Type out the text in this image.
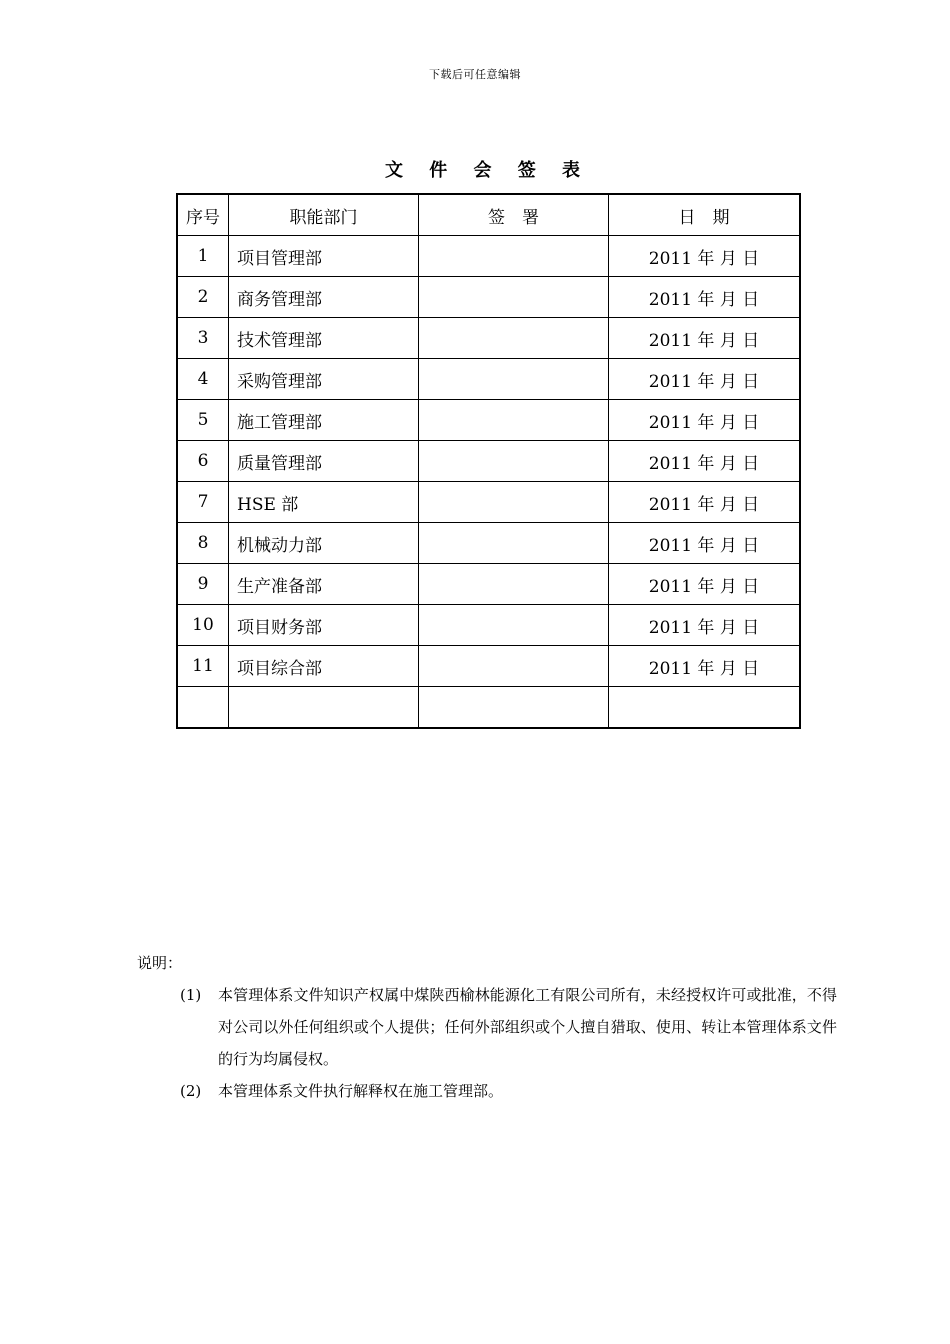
下载后可任意编辑
文 件 会 签 表
序号	职能部门	签　署	日　期
1	项目管理部		2011 年 月 日
2	商务管理部		2011 年 月 日
3	技术管理部		2011 年 月 日
4	采购管理部		2011 年 月 日
5	施工管理部		2011 年 月 日
6	质量管理部		2011 年 月 日
7	HSE 部		2011 年 月 日
8	机械动力部		2011 年 月 日
9	生产准备部		2011 年 月 日
10	项目财务部		2011 年 月 日
11	项目综合部		2011 年 月 日

说明：
(1)	本管理体系文件知识产权属中煤陕西榆林能源化工有限公司所有，未经授权许可或批准，不得对公司以外任何组织或个人提供；任何外部组织或个人擅自猎取、使用、转让本管理体系文件的行为均属侵权。
(2)	本管理体系文件执行解释权在施工管理部。
